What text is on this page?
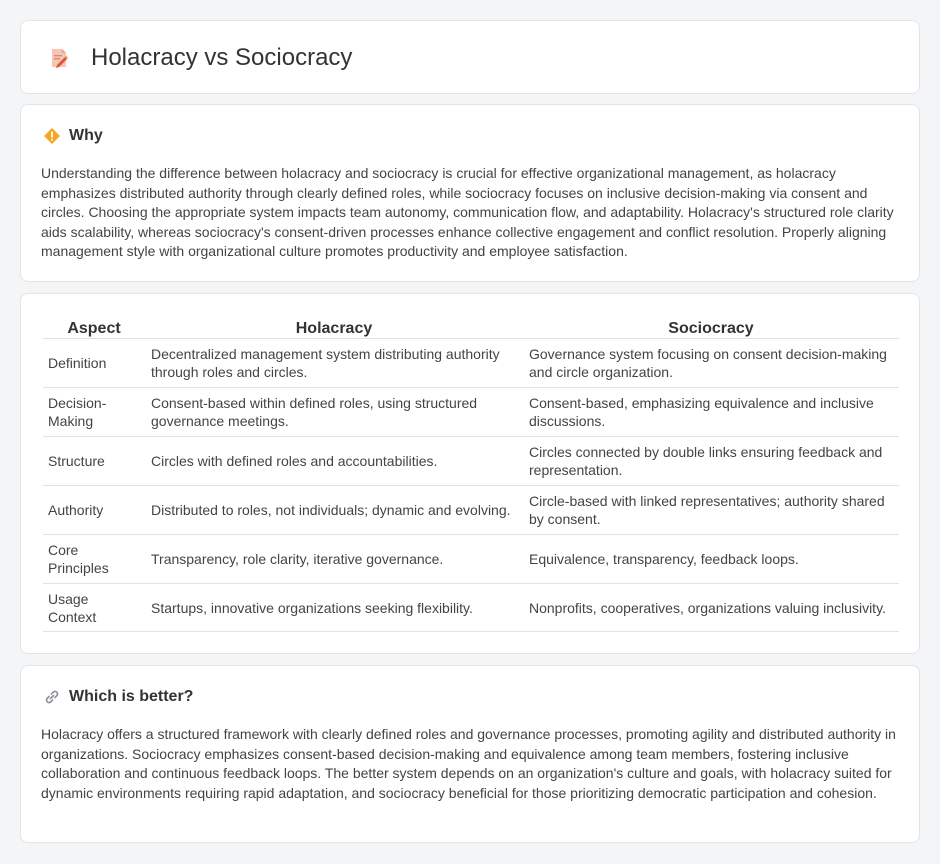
Holacracy vs Sociocracy
Why

Understanding the difference between holacracy and sociocracy is crucial for effective organizational management, as holacracy emphasizes distributed authority through clearly defined roles, while sociocracy focuses on inclusive decision-making via consent and circles. Choosing the appropriate system impacts team autonomy, communication flow, and adaptability. Holacracy's structured role clarity aids scalability, whereas sociocracy's consent-driven processes enhance collective engagement and conflict resolution. Properly aligning management style with organizational culture promotes productivity and employee satisfaction.

Aspect	Holacracy	Sociocracy
Definition	Decentralized management system distributing authority through roles and circles.	Governance system focusing on consent decision-making and circle organization.
Decision-Making	Consent-based within defined roles, using structured governance meetings.	Consent-based, emphasizing equivalence and inclusive discussions.
Structure	Circles with defined roles and accountabilities.	Circles connected by double links ensuring feedback and representation.
Authority	Distributed to roles, not individuals; dynamic and evolving.	Circle-based with linked representatives; authority shared by consent.
Core Principles	Transparency, role clarity, iterative governance.	Equivalence, transparency, feedback loops.
Usage Context	Startups, innovative organizations seeking flexibility.	Nonprofits, cooperatives, organizations valuing inclusivity.
Which is better?

Holacracy offers a structured framework with clearly defined roles and governance processes, promoting agility and distributed authority in organizations. Sociocracy emphasizes consent-based decision-making and equivalence among team members, fostering inclusive collaboration and continuous feedback loops. The better system depends on an organization's culture and goals, with holacracy suited for dynamic environments requiring rapid adaptation, and sociocracy beneficial for those prioritizing democratic participation and cohesion.
